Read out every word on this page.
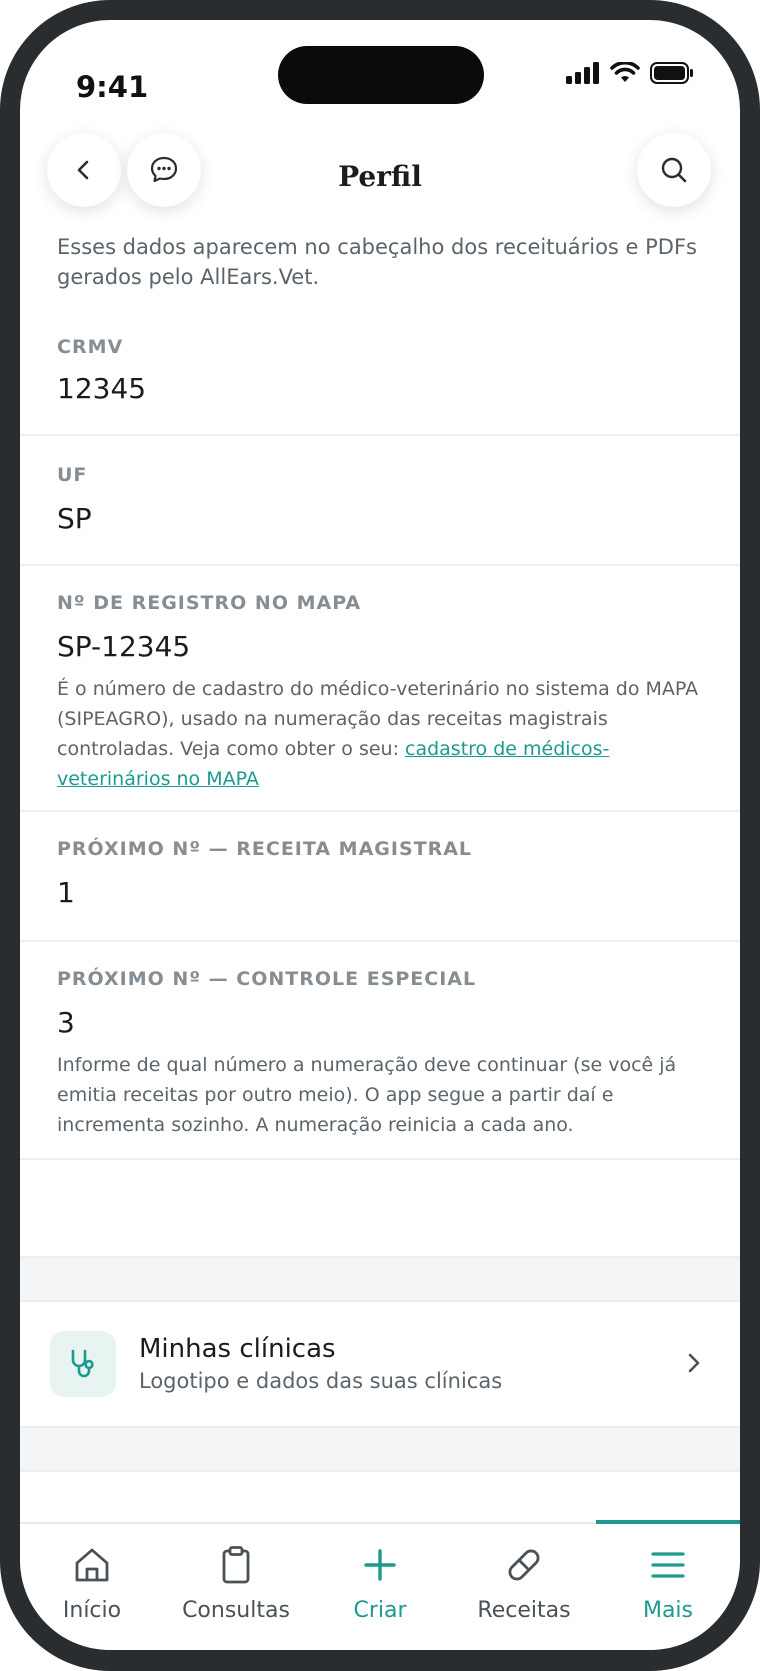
9:41
Perfil
Esses dados aparecem no cabeçalho dos receituários e PDFs gerados pelo AllEars.Vet.
CRMV
12345
UF
SP
Nº DE REGISTRO NO MAPA
SP-12345
É o número de cadastro do médico-veterinário no sistema do MAPA (SIPEAGRO), usado na numeração das receitas magistrais controladas. Veja como obter o seu: cadastro de médicos-veterinários no MAPA
PRÓXIMO Nº — RECEITA MAGISTRAL
1
PRÓXIMO Nº — CONTROLE ESPECIAL
3
Informe de qual número a numeração deve continuar (se você já emitia receitas por outro meio). O app segue a partir daí e incrementa sozinho. A numeração reinicia a cada ano.
Minhas clínicas
Logotipo e dados das suas clínicas
Início	Consultas	Criar	Receitas	Mais
